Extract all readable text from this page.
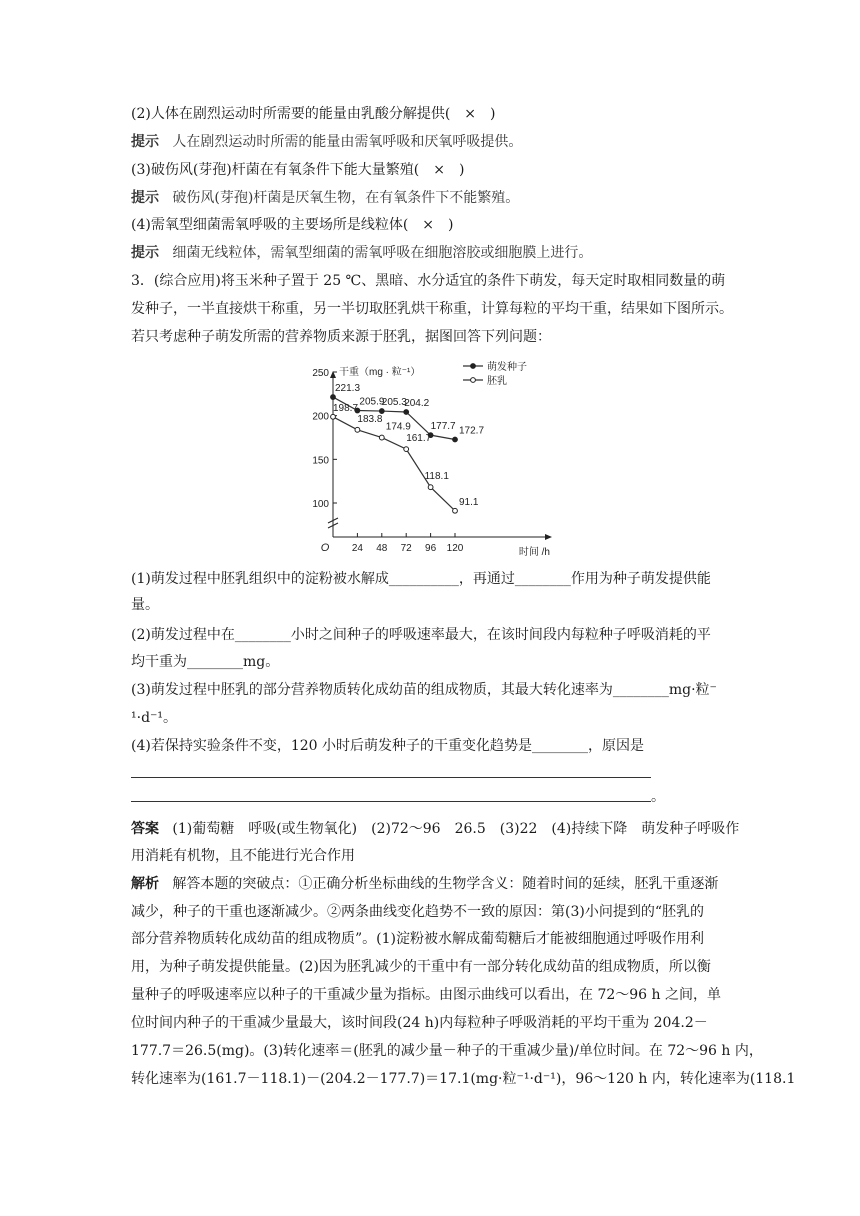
(2)人体在剧烈运动时所需要的能量由乳酸分解提供(　×　)
提示 人在剧烈运动时所需的能量由需氧呼吸和厌氧呼吸提供。
(3)破伤风(芽孢)杆菌在有氧条件下能大量繁殖(　×　)
提示 破伤风(芽孢)杆菌是厌氧生物，在有氧条件下不能繁殖。
(4)需氧型细菌需氧呼吸的主要场所是线粒体(　×　)
提示 细菌无线粒体，需氧型细菌的需氧呼吸在细胞溶胶或细胞膜上进行。
3．(综合应用)将玉米种子置于 25 ℃、黑暗、水分适宜的条件下萌发，每天定时取相同数量的萌
发种子，一半直接烘干称重，另一半切取胚乳烘干称重，计算每粒的平均干重，结果如下图所示。
若只考虑种子萌发所需的营养物质来源于胚乳，据图回答下列问题：
100
150
200
250
O 24 48 72 96 120	时间 /h
干重（mg · 粒⁻¹）
221.3
205.9
205.3
204.2
177.7 172.7
198.7
183.8
174.9
161.7
118.1
91.1
萌发种子
胚乳
(1)萌发过程中胚乳组织中的淀粉被水解成__________，再通过________作用为种子萌发提供能
量。
(2)萌发过程中在________小时之间种子的呼吸速率最大，在该时间段内每粒种子呼吸消耗的平
均干重为________mg。
(3)萌发过程中胚乳的部分营养物质转化成幼苗的组成物质，其最大转化速率为________mg·粒⁻
¹·d⁻¹。
(4)若保持实验条件不变，120 小时后萌发种子的干重变化趋势是________，原因是
。
答案 (1)葡萄糖　呼吸(或生物氧化)　(2)72～96　26.5　(3)22　(4)持续下降　萌发种子呼吸作
用消耗有机物，且不能进行光合作用
解析 解答本题的突破点：①正确分析坐标曲线的生物学含义：随着时间的延续，胚乳干重逐渐
减少，种子的干重也逐渐减少。②两条曲线变化趋势不一致的原因：第(3)小问提到的“胚乳的
部分营养物质转化成幼苗的组成物质”。(1)淀粉被水解成葡萄糖后才能被细胞通过呼吸作用利
用，为种子萌发提供能量。(2)因为胚乳减少的干重中有一部分转化成幼苗的组成物质，所以衡
量种子的呼吸速率应以种子的干重减少量为指标。由图示曲线可以看出，在 72～96 h 之间，单
位时间内种子的干重减少量最大，该时间段(24 h)内每粒种子呼吸消耗的平均干重为 204.2－
177.7＝26.5(mg)。(3)转化速率＝(胚乳的减少量－种子的干重减少量)/单位时间。在 72～96 h 内，
转化速率为(161.7－118.1)－(204.2－177.7)＝17.1(mg·粒⁻¹·d⁻¹)，96～120 h 内，转化速率为(118.1
